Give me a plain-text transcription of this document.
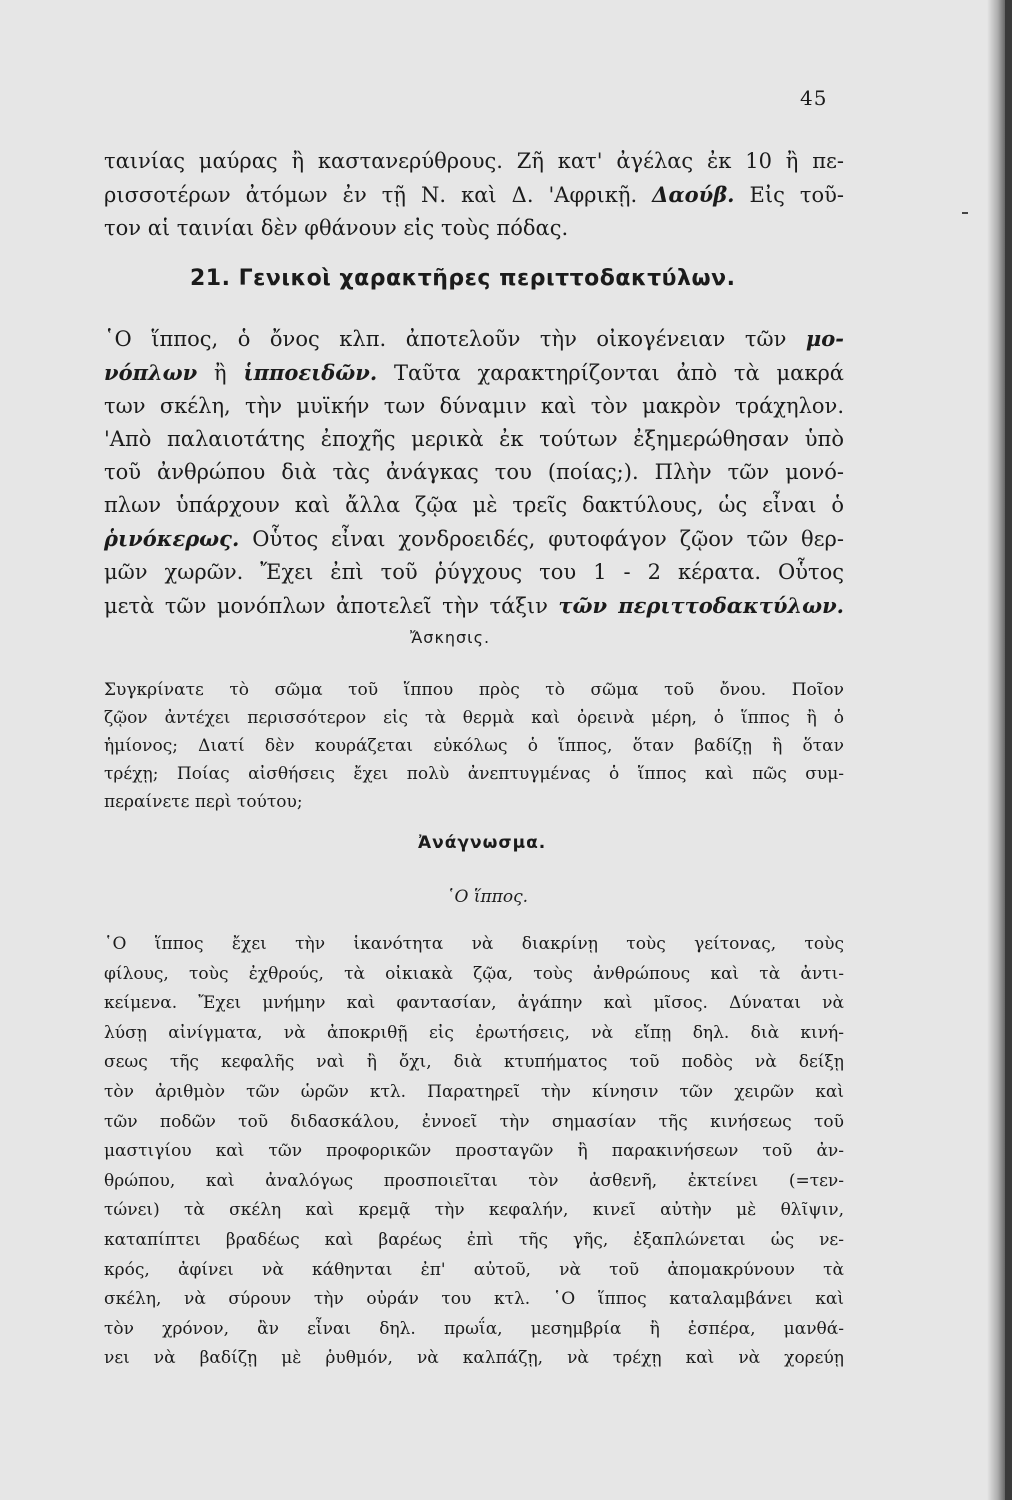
45
ταινίας μαύρας ἢ καστανερύθρους. Ζῆ κατ' ἀγέλας ἐκ 10 ἢ πε-
ρισσοτέρων ἀτόμων ἐν τῇ Ν. καὶ Δ. 'Αφρικῇ. Δαούβ. Εἰς τοῦ-
τον αἱ ταινίαι δὲν φθάνουν εἰς τοὺς πόδας.
21. Γενικοὶ χαρακτῆρες περιττοδακτύλων.
῾Ο ἵππος, ὁ ὄνος κλπ. ἀποτελοῦν τὴν οἰκογένειαν τῶν μο-
νόπλων ἢ ἱπποειδῶν. Ταῦτα χαρακτηρίζονται ἀπὸ τὰ μακρά
των σκέλη, τὴν μυϊκήν των δύναμιν καὶ τὸν μακρὸν τράχηλον.
'Απὸ παλαιοτάτης ἐποχῆς μερικὰ ἐκ τούτων ἐξημερώθησαν ὑπὸ
τοῦ ἀνθρώπου διὰ τὰς ἀνάγκας του (ποίας;). Πλὴν τῶν μονό-
πλων ὑπάρχουν καὶ ἄλλα ζῷα μὲ τρεῖς δακτύλους, ὡς εἶναι ὁ
ῥινόκερως. Οὗτος εἶναι χονδροειδές, φυτοφάγον ζῷον τῶν θερ-
μῶν χωρῶν. Ἔχει ἐπὶ τοῦ ῥύγχους του 1 - 2 κέρατα. Οὗτος
μετὰ τῶν μονόπλων ἀποτελεῖ τὴν τάξιν τῶν περιττοδακτύλων.
Ἄσκησις.
Συγκρίνατε τὸ σῶμα τοῦ ἵππου πρὸς τὸ σῶμα τοῦ ὄνου. Ποῖον
ζῷον ἀντέχει περισσότερον εἰς τὰ θερμὰ καὶ ὀρεινὰ μέρη, ὁ ἵππος ἢ ὁ
ἡμίονος; Διατί δὲν κουράζεται εὐκόλως ὁ ἵππος, ὅταν βαδίζῃ ἢ ὅταν
τρέχῃ; Ποίας αἰσθήσεις ἔχει πολὺ ἀνεπτυγμένας ὁ ἵππος καὶ πῶς συμ-
περαίνετε περὶ τούτου;
Ἀνάγνωσμα.
῾Ο ἵππος.
῾Ο ἵππος ἔχει τὴν ἱκανότητα νὰ διακρίνῃ τοὺς γείτονας, τοὺς
φίλους, τοὺς ἐχθρούς, τὰ οἰκιακὰ ζῷα, τοὺς ἀνθρώπους καὶ τὰ ἀντι-
κείμενα. Ἔχει μνήμην καὶ φαντασίαν, ἀγάπην καὶ μῖσος. Δύναται νὰ
λύσῃ αἰνίγματα, νὰ ἀποκριθῇ εἰς ἐρωτήσεις, νὰ εἴπῃ δηλ. διὰ κινή-
σεως τῆς κεφαλῆς ναὶ ἢ ὄχι, διὰ κτυπήματος τοῦ ποδὸς νὰ δείξῃ
τὸν ἀριθμὸν τῶν ὡρῶν κτλ. Παρατηρεῖ τὴν κίνησιν τῶν χειρῶν καὶ
τῶν ποδῶν τοῦ διδασκάλου, ἐννοεῖ τὴν σημασίαν τῆς κινήσεως τοῦ
μαστιγίου καὶ τῶν προφορικῶν προσταγῶν ἢ παρακινήσεων τοῦ ἀν-
θρώπου, καὶ ἀναλόγως προσποιεῖται τὸν ἀσθενῆ, ἐκτείνει (=τεν-
τώνει) τὰ σκέλη καὶ κρεμᾷ τὴν κεφαλήν, κινεῖ αὐτὴν μὲ θλῖψιν,
καταπίπτει βραδέως καὶ βαρέως ἐπὶ τῆς γῆς, ἐξαπλώνεται ὡς νε-
κρός, ἀφίνει νὰ κάθηνται ἐπ' αὐτοῦ, νὰ τοῦ ἀπομακρύνουν τὰ
σκέλη, νὰ σύρουν τὴν οὐράν του κτλ. ῾Ο ἵππος καταλαμβάνει καὶ
τὸν χρόνον, ἂν εἶναι δηλ. πρωΐα, μεσημβρία ἢ ἑσπέρα, μανθά-
νει νὰ βαδίζῃ μὲ ῥυθμόν, νὰ καλπάζῃ, νὰ τρέχῃ καὶ νὰ χορεύῃ
